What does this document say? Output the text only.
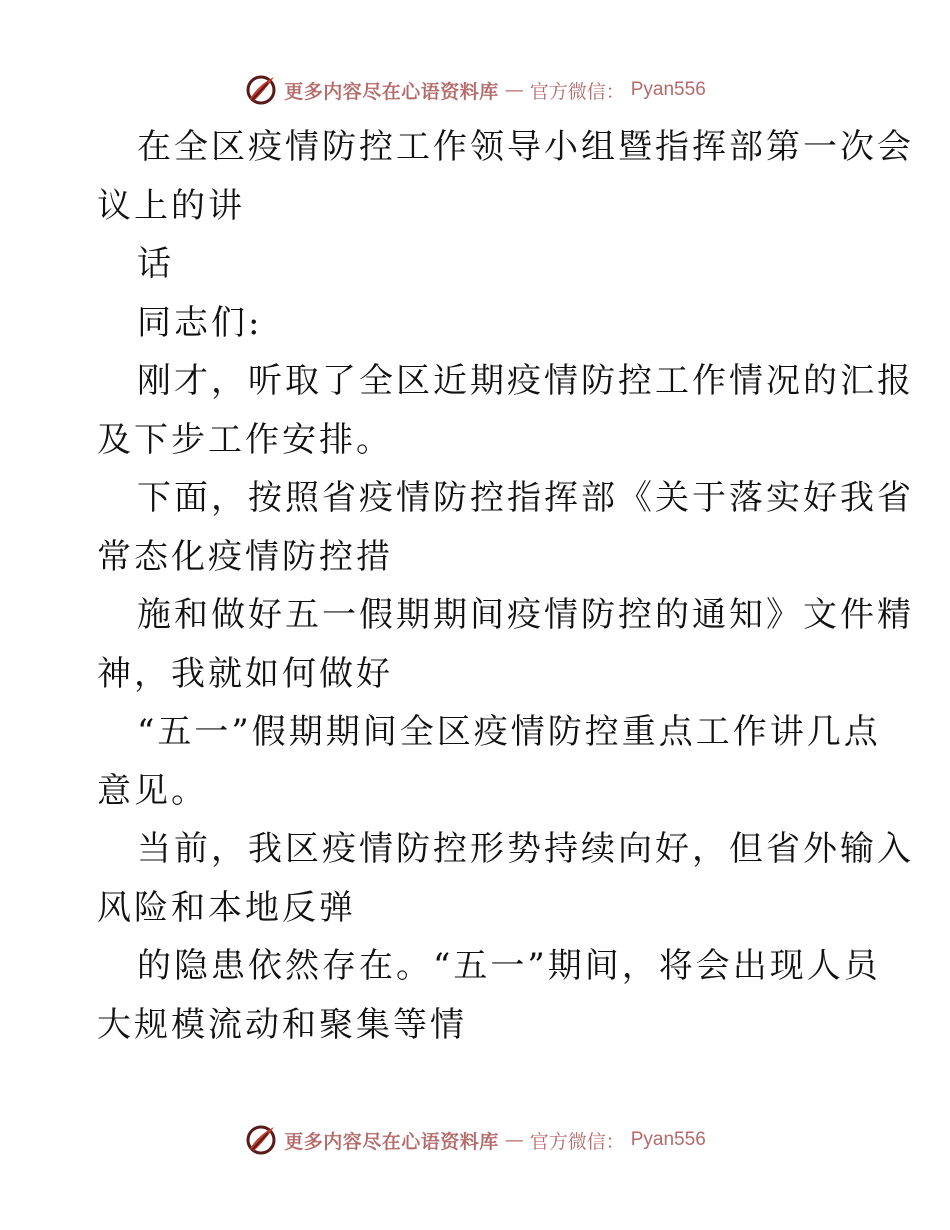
更多内容尽在心语资料库 — 官方微信： Pyan556
在全区疫情防控工作领导小组暨指挥部第一次会
议上的讲
话
同志们:
刚才，听取了全区近期疫情防控工作情况的汇报
及下步工作安排。
下面，按照省疫情防控指挥部《关于落实好我省
常态化疫情防控措
施和做好五一假期期间疫情防控的通知》文件精
神，我就如何做好
“五一”假期期间全区疫情防控重点工作讲几点
意见。
当前，我区疫情防控形势持续向好，但省外输入
风险和本地反弹
的隐患依然存在。“五一”期间，将会出现人员
大规模流动和聚集等情
更多内容尽在心语资料库 — 官方微信： Pyan556
